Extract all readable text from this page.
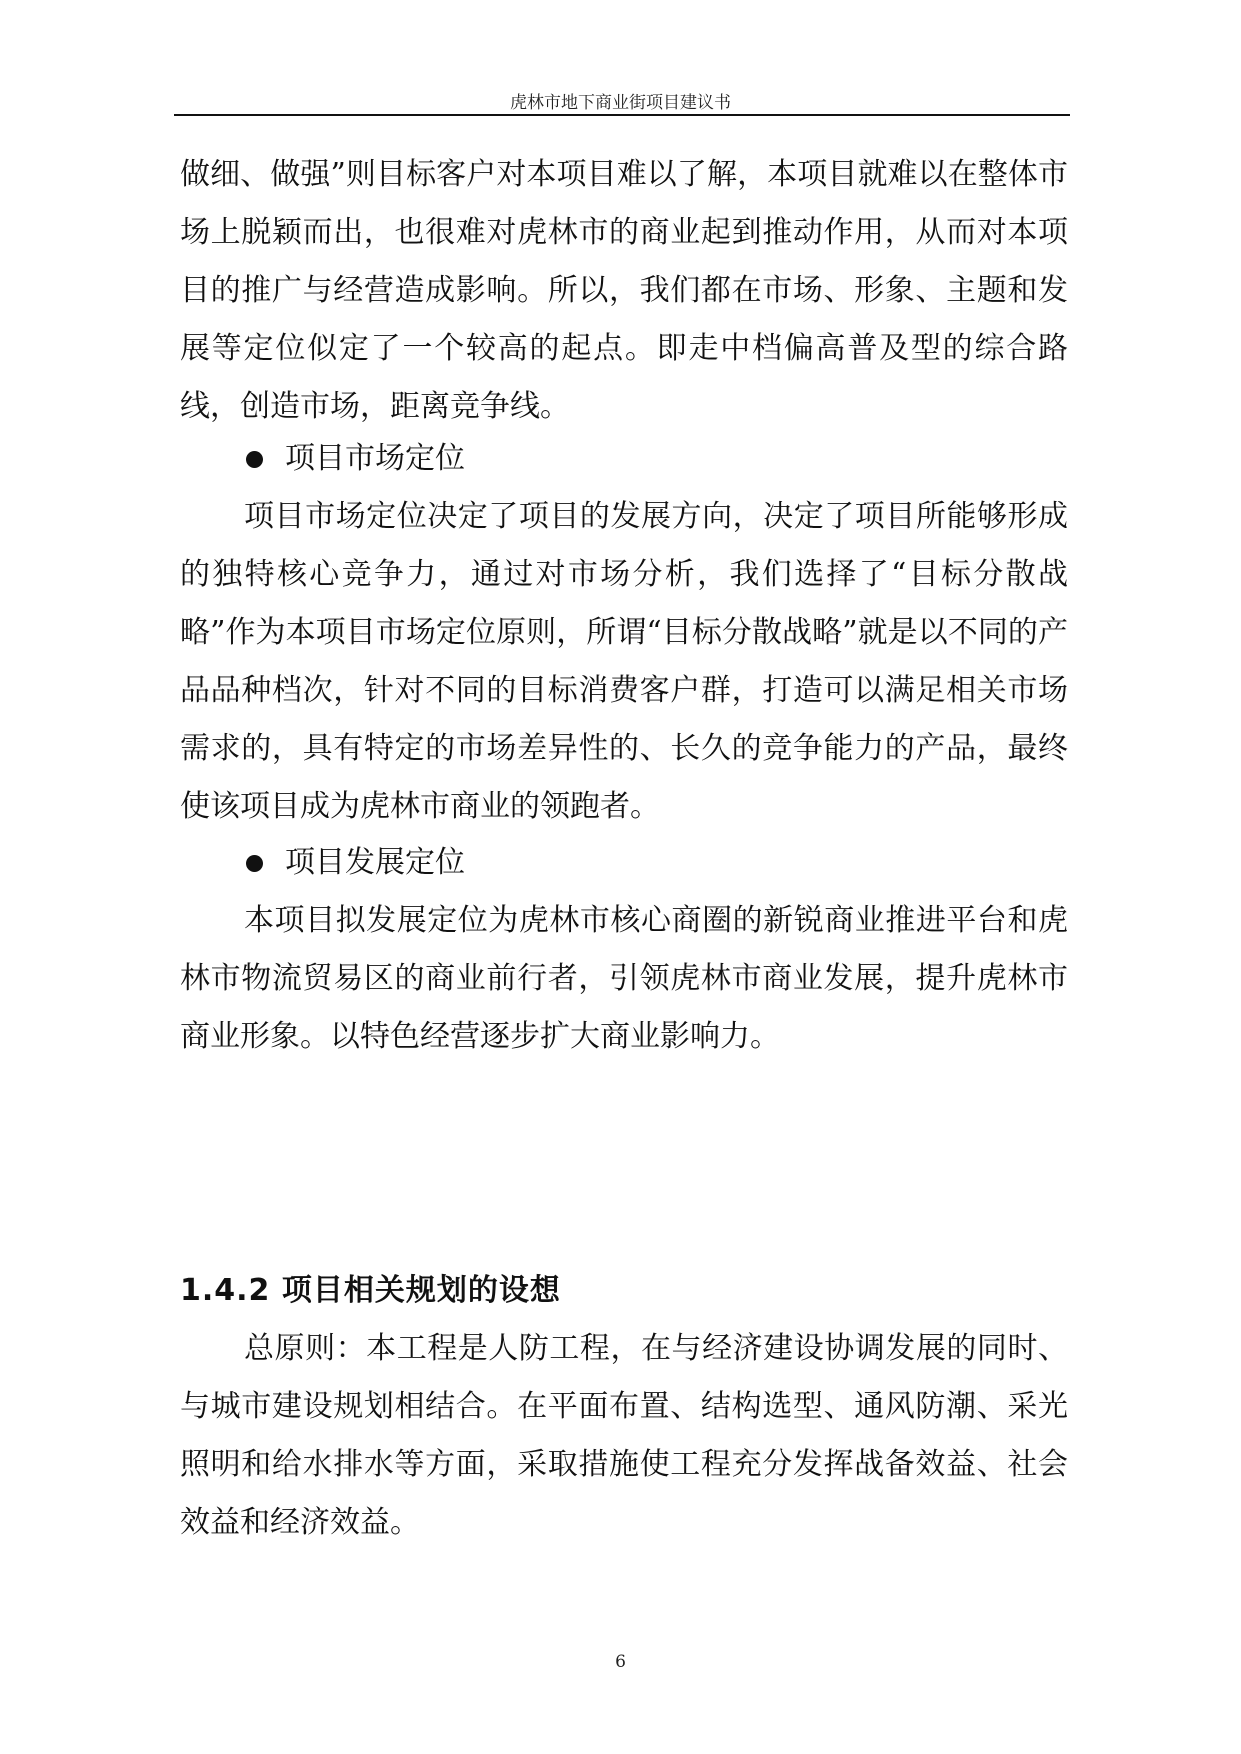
虎林市地下商业街项目建议书
做细、做强”则目标客户对本项目难以了解，本项目就难以在整体市场上脱颖而出，也很难对虎林市的商业起到推动作用，从而对本项目的推广与经营造成影响。所以，我们都在市场、形象、主题和发展等定位似定了一个较高的起点。即走中档偏高普及型的综合路线，创造市场，距离竞争线。
项目市场定位
项目市场定位决定了项目的发展方向，决定了项目所能够形成的独特核心竞争力，通过对市场分析，我们选择了“目标分散战略”作为本项目市场定位原则，所谓“目标分散战略”就是以不同的产品品种档次，针对不同的目标消费客户群，打造可以满足相关市场需求的，具有特定的市场差异性的、长久的竞争能力的产品，最终使该项目成为虎林市商业的领跑者。
项目发展定位
本项目拟发展定位为虎林市核心商圈的新锐商业推进平台和虎林市物流贸易区的商业前行者，引领虎林市商业发展，提升虎林市商业形象。以特色经营逐步扩大商业影响力。
1.4.2 项目相关规划的设想
总原则：本工程是人防工程，在与经济建设协调发展的同时、与城市建设规划相结合。在平面布置、结构选型、通风防潮、采光照明和给水排水等方面，采取措施使工程充分发挥战备效益、社会效益和经济效益。
6
